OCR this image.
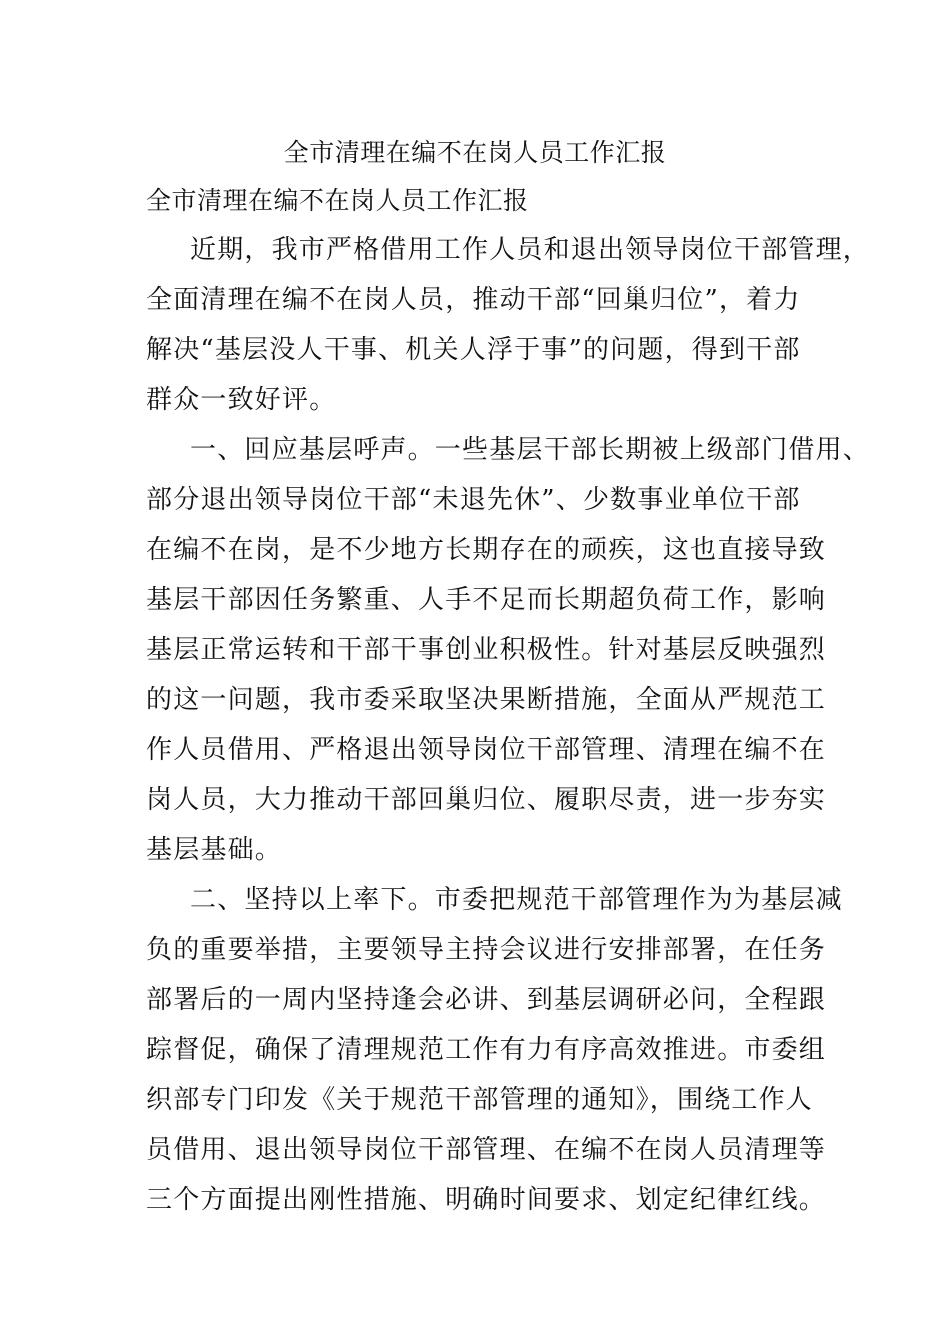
全市清理在编不在岗人员工作汇报
全市清理在编不在岗人员工作汇报
近期，我市严格借用工作人员和退出领导岗位干部管理，
全面清理在编不在岗人员，推动干部“回巢归位”，着力
解决“基层没人干事、机关人浮于事”的问题，得到干部
群众一致好评。
一、回应基层呼声。一些基层干部长期被上级部门借用、
部分退出领导岗位干部“未退先休”、少数事业单位干部
在编不在岗，是不少地方长期存在的顽疾，这也直接导致
基层干部因任务繁重、人手不足而长期超负荷工作，影响
基层正常运转和干部干事创业积极性。针对基层反映强烈
的这一问题，我市委采取坚决果断措施，全面从严规范工
作人员借用、严格退出领导岗位干部管理、清理在编不在
岗人员，大力推动干部回巢归位、履职尽责，进一步夯实
基层基础。
二、坚持以上率下。市委把规范干部管理作为为基层减
负的重要举措，主要领导主持会议进行安排部署，在任务
部署后的一周内坚持逢会必讲、到基层调研必问，全程跟
踪督促，确保了清理规范工作有力有序高效推进。市委组
织部专门印发《关于规范干部管理的通知》，围绕工作人
员借用、退出领导岗位干部管理、在编不在岗人员清理等
三个方面提出刚性措施、明确时间要求、划定纪律红线。
